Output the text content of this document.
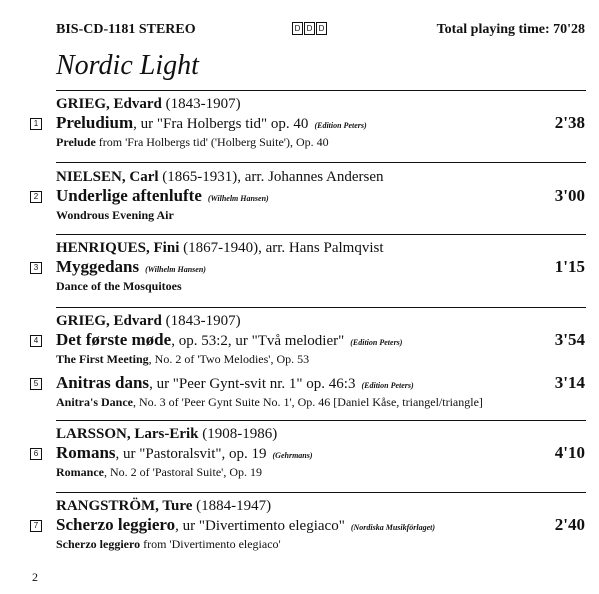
BIS-CD-1181 STEREO	D D D	Total playing time: 70'28
Nordic Light
GRIEG, Edvard (1843-1907)
1 Preludium, ur "Fra Holbergs tid" op. 40 (Edition Peters)	2'38
Prelude from 'Fra Holbergs tid' ('Holberg Suite'), Op. 40
NIELSEN, Carl (1865-1931), arr. Johannes Andersen
2 Underlige aftenlufte (Wilhelm Hansen)	3'00
Wondrous Evening Air
HENRIQUES, Fini (1867-1940), arr. Hans Palmqvist
3 Myggedans (Wilhelm Hansen)	1'15
Dance of the Mosquitoes
GRIEG, Edvard (1843-1907)
4 Det første møde, op. 53:2, ur "Två melodier" (Edition Peters)	3'54
The First Meeting, No. 2 of 'Two Melodies', Op. 53
5 Anitras dans, ur "Peer Gynt-svit nr. 1" op. 46:3 (Edition Peters)	3'14
Anitra's Dance, No. 3 of 'Peer Gynt Suite No. 1', Op. 46 [Daniel Kåse, triangel/triangle]
LARSSON, Lars-Erik (1908-1986)
6 Romans, ur "Pastoralsvit", op. 19 (Gehrmans)	4'10
Romance, No. 2 of 'Pastoral Suite', Op. 19
RANGSTRÖM, Ture (1884-1947)
7 Scherzo leggiero, ur "Divertimento elegiaco" (Nordiska Musikförlaget)	2'40
Scherzo leggiero from 'Divertimento elegiaco'
2
